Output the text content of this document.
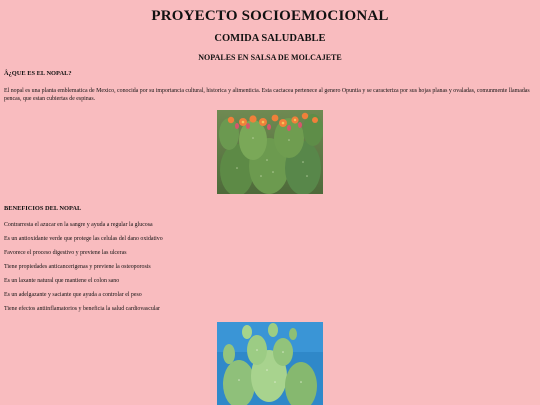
PROYECTO SOCIOEMOCIONAL
COMIDA SALUDABLE
NOPALES EN SALSA DE MOLCAJETE
Â¿QUE ES EL NOPAL?

El nopal es una planta emblematica de Mexico, conocida por su importancia cultural, historica y alimenticia. Esta cactacea pertenece al genero Opuntia y se caracteriza por sus hojas planas y ovaladas, comunmente llamadas pencas, que estan cubiertas de espinas.

BENEFICIOS DEL NOPAL
Contrarresta el azucar en la sangre y ayuda a regular la glucosa
Es un antioxidante verde que protege las celulas del dano oxidativo
Favorece el proceso digestivo y previene las ulceras
Tiene propiedades anticancerigenas y previene la osteoporosis
Es un laxante natural que mantiene el colon sano
Es un adelgazante y saciante que ayuda a controlar el peso
Tiene efectos antiinflamatorios y beneficia la salud cardiovascular
